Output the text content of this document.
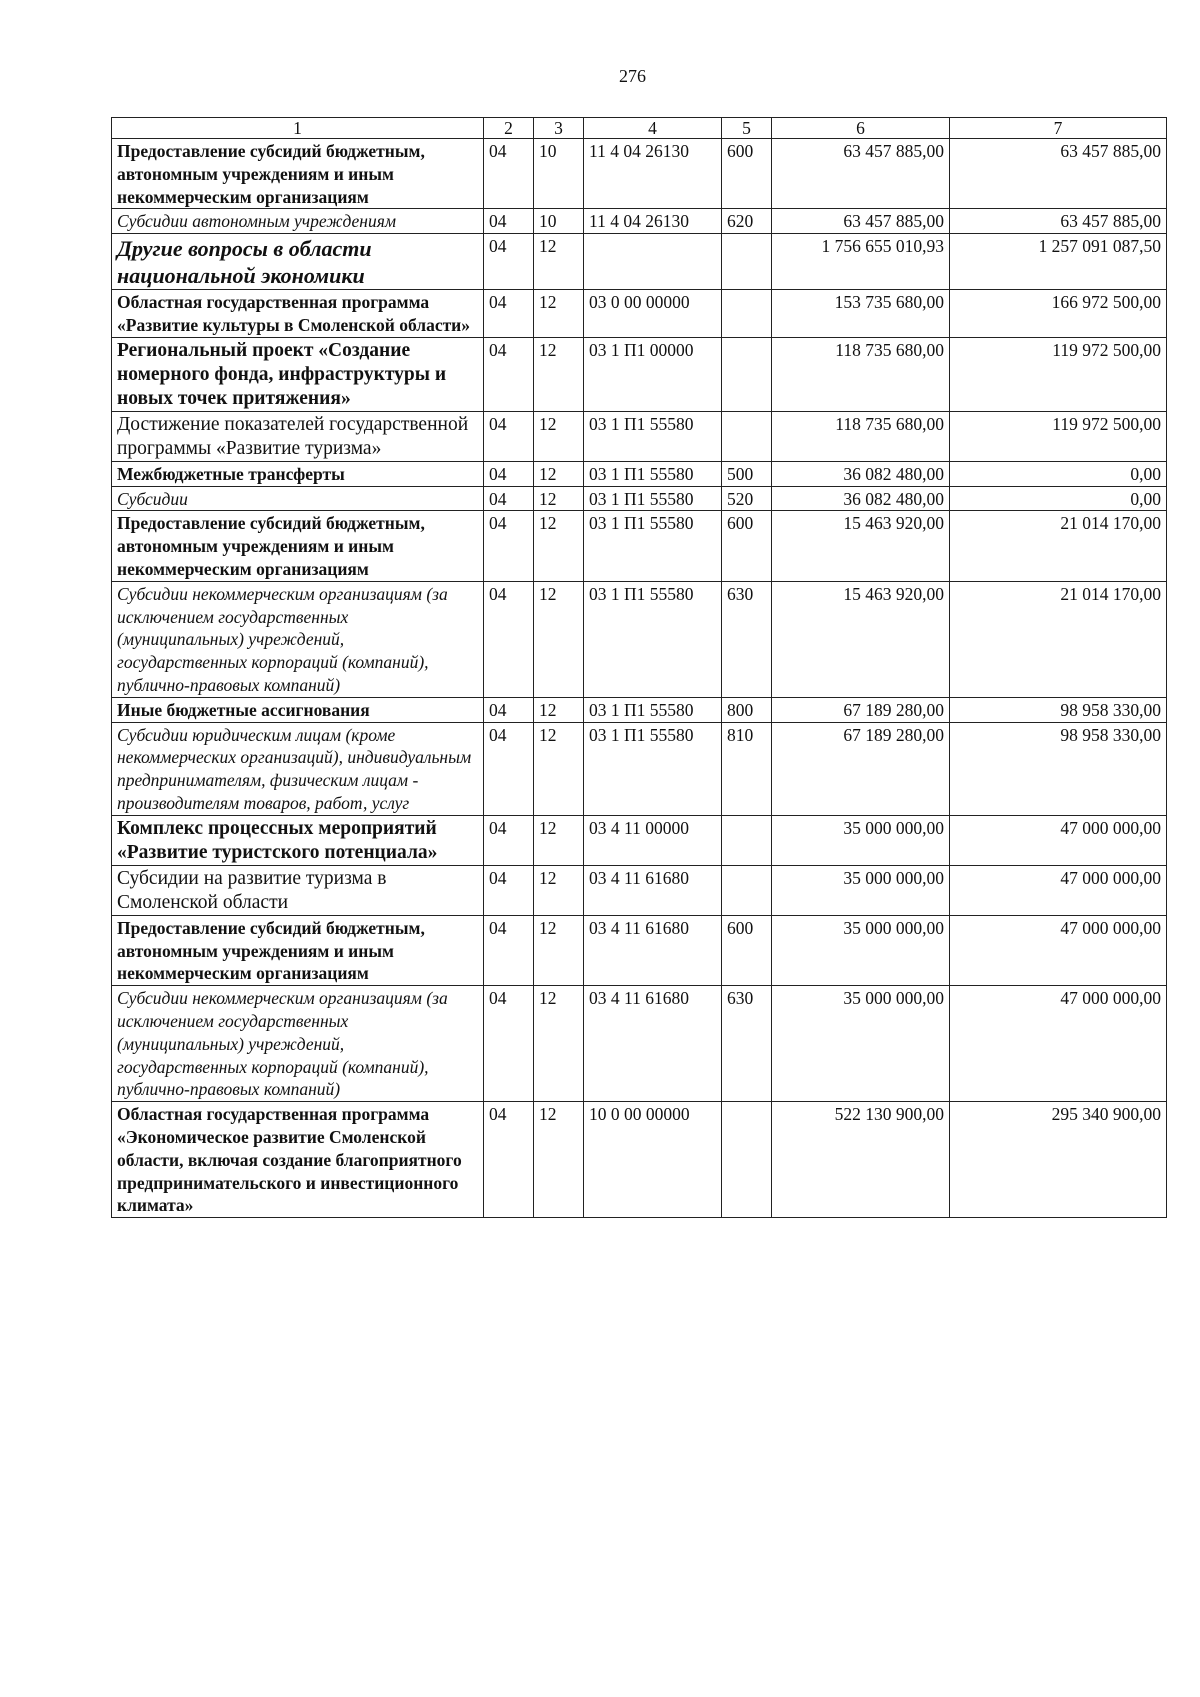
276
1	2	3	4	5	6	7
Предоставление субсидий бюджетным, автономным учреждениям и иным некоммерческим организациям	04	10	11 4 04 26130	600	63 457 885,00	63 457 885,00
Субсидии автономным учреждениям	04	10	11 4 04 26130	620	63 457 885,00	63 457 885,00
Другие вопросы в области национальной экономики	04	12			1 756 655 010,93	1 257 091 087,50
Областная государственная программа «Развитие культуры в Смоленской области»	04	12	03 0 00 00000		153 735 680,00	166 972 500,00
Региональный проект «Создание номерного фонда, инфраструктуры и новых точек притяжения»	04	12	03 1 П1 00000		118 735 680,00	119 972 500,00
Достижение показателей государственной программы «Развитие туризма»	04	12	03 1 П1 55580		118 735 680,00	119 972 500,00
Межбюджетные трансферты	04	12	03 1 П1 55580	500	36 082 480,00	0,00
Субсидии	04	12	03 1 П1 55580	520	36 082 480,00	0,00
Предоставление субсидий бюджетным, автономным учреждениям и иным некоммерческим организациям	04	12	03 1 П1 55580	600	15 463 920,00	21 014 170,00
Субсидии некоммерческим организациям (за исключением государственных (муниципальных) учреждений, государственных корпораций (компаний), публично-правовых компаний)	04	12	03 1 П1 55580	630	15 463 920,00	21 014 170,00
Иные бюджетные ассигнования	04	12	03 1 П1 55580	800	67 189 280,00	98 958 330,00
Субсидии юридическим лицам (кроме некоммерческих организаций), индивидуальным предпринимателям, физическим лицам - производителям товаров, работ, услуг	04	12	03 1 П1 55580	810	67 189 280,00	98 958 330,00
Комплекс процессных мероприятий «Развитие туристского потенциала»	04	12	03 4 11 00000		35 000 000,00	47 000 000,00
Субсидии на развитие туризма в Смоленской области	04	12	03 4 11 61680		35 000 000,00	47 000 000,00
Предоставление субсидий бюджетным, автономным учреждениям и иным некоммерческим организациям	04	12	03 4 11 61680	600	35 000 000,00	47 000 000,00
Субсидии некоммерческим организациям (за исключением государственных (муниципальных) учреждений, государственных корпораций (компаний), публично-правовых компаний)	04	12	03 4 11 61680	630	35 000 000,00	47 000 000,00
Областная государственная программа «Экономическое развитие Смоленской области, включая создание благоприятного предпринимательского и инвестиционного климата»	04	12	10 0 00 00000		522 130 900,00	295 340 900,00
